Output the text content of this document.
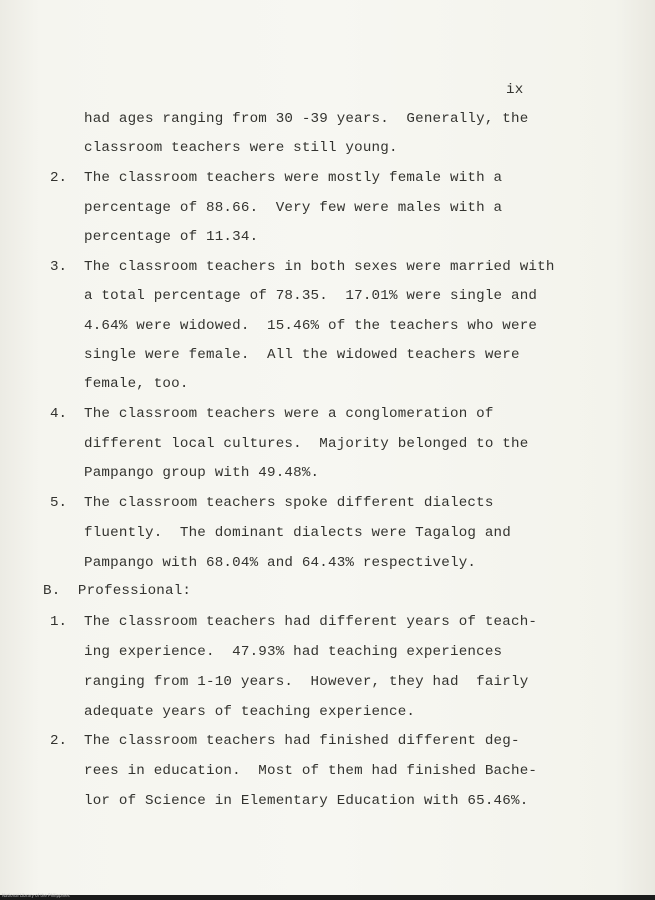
ix
had ages ranging from 30 -39 years.  Generally, the
classroom teachers were still young.
2. The classroom teachers were mostly female with a
percentage of 88.66.  Very few were males with a
percentage of 11.34.
3. The classroom teachers in both sexes were married with
a total percentage of 78.35.  17.01% were single and
4.64% were widowed.  15.46% of the teachers who were
single were female.  All the widowed teachers were
female, too.
4. The classroom teachers were a conglomeration of
different local cultures.  Majority belonged to the
Pampango group with 49.48%.
5. The classroom teachers spoke different dialects
fluently.  The dominant dialects were Tagalog and
Pampango with 68.04% and 64.43% respectively.
B.  Professional:
1. The classroom teachers had different years of teach-
ing experience.  47.93% had teaching experiences
ranging from 1-10 years.  However, they had  fairly
adequate years of teaching experience.
2. The classroom teachers had finished different deg-
rees in education.  Most of them had finished Bache-
lor of Science in Elementary Education with 65.46%.
National Library of the Philippines
